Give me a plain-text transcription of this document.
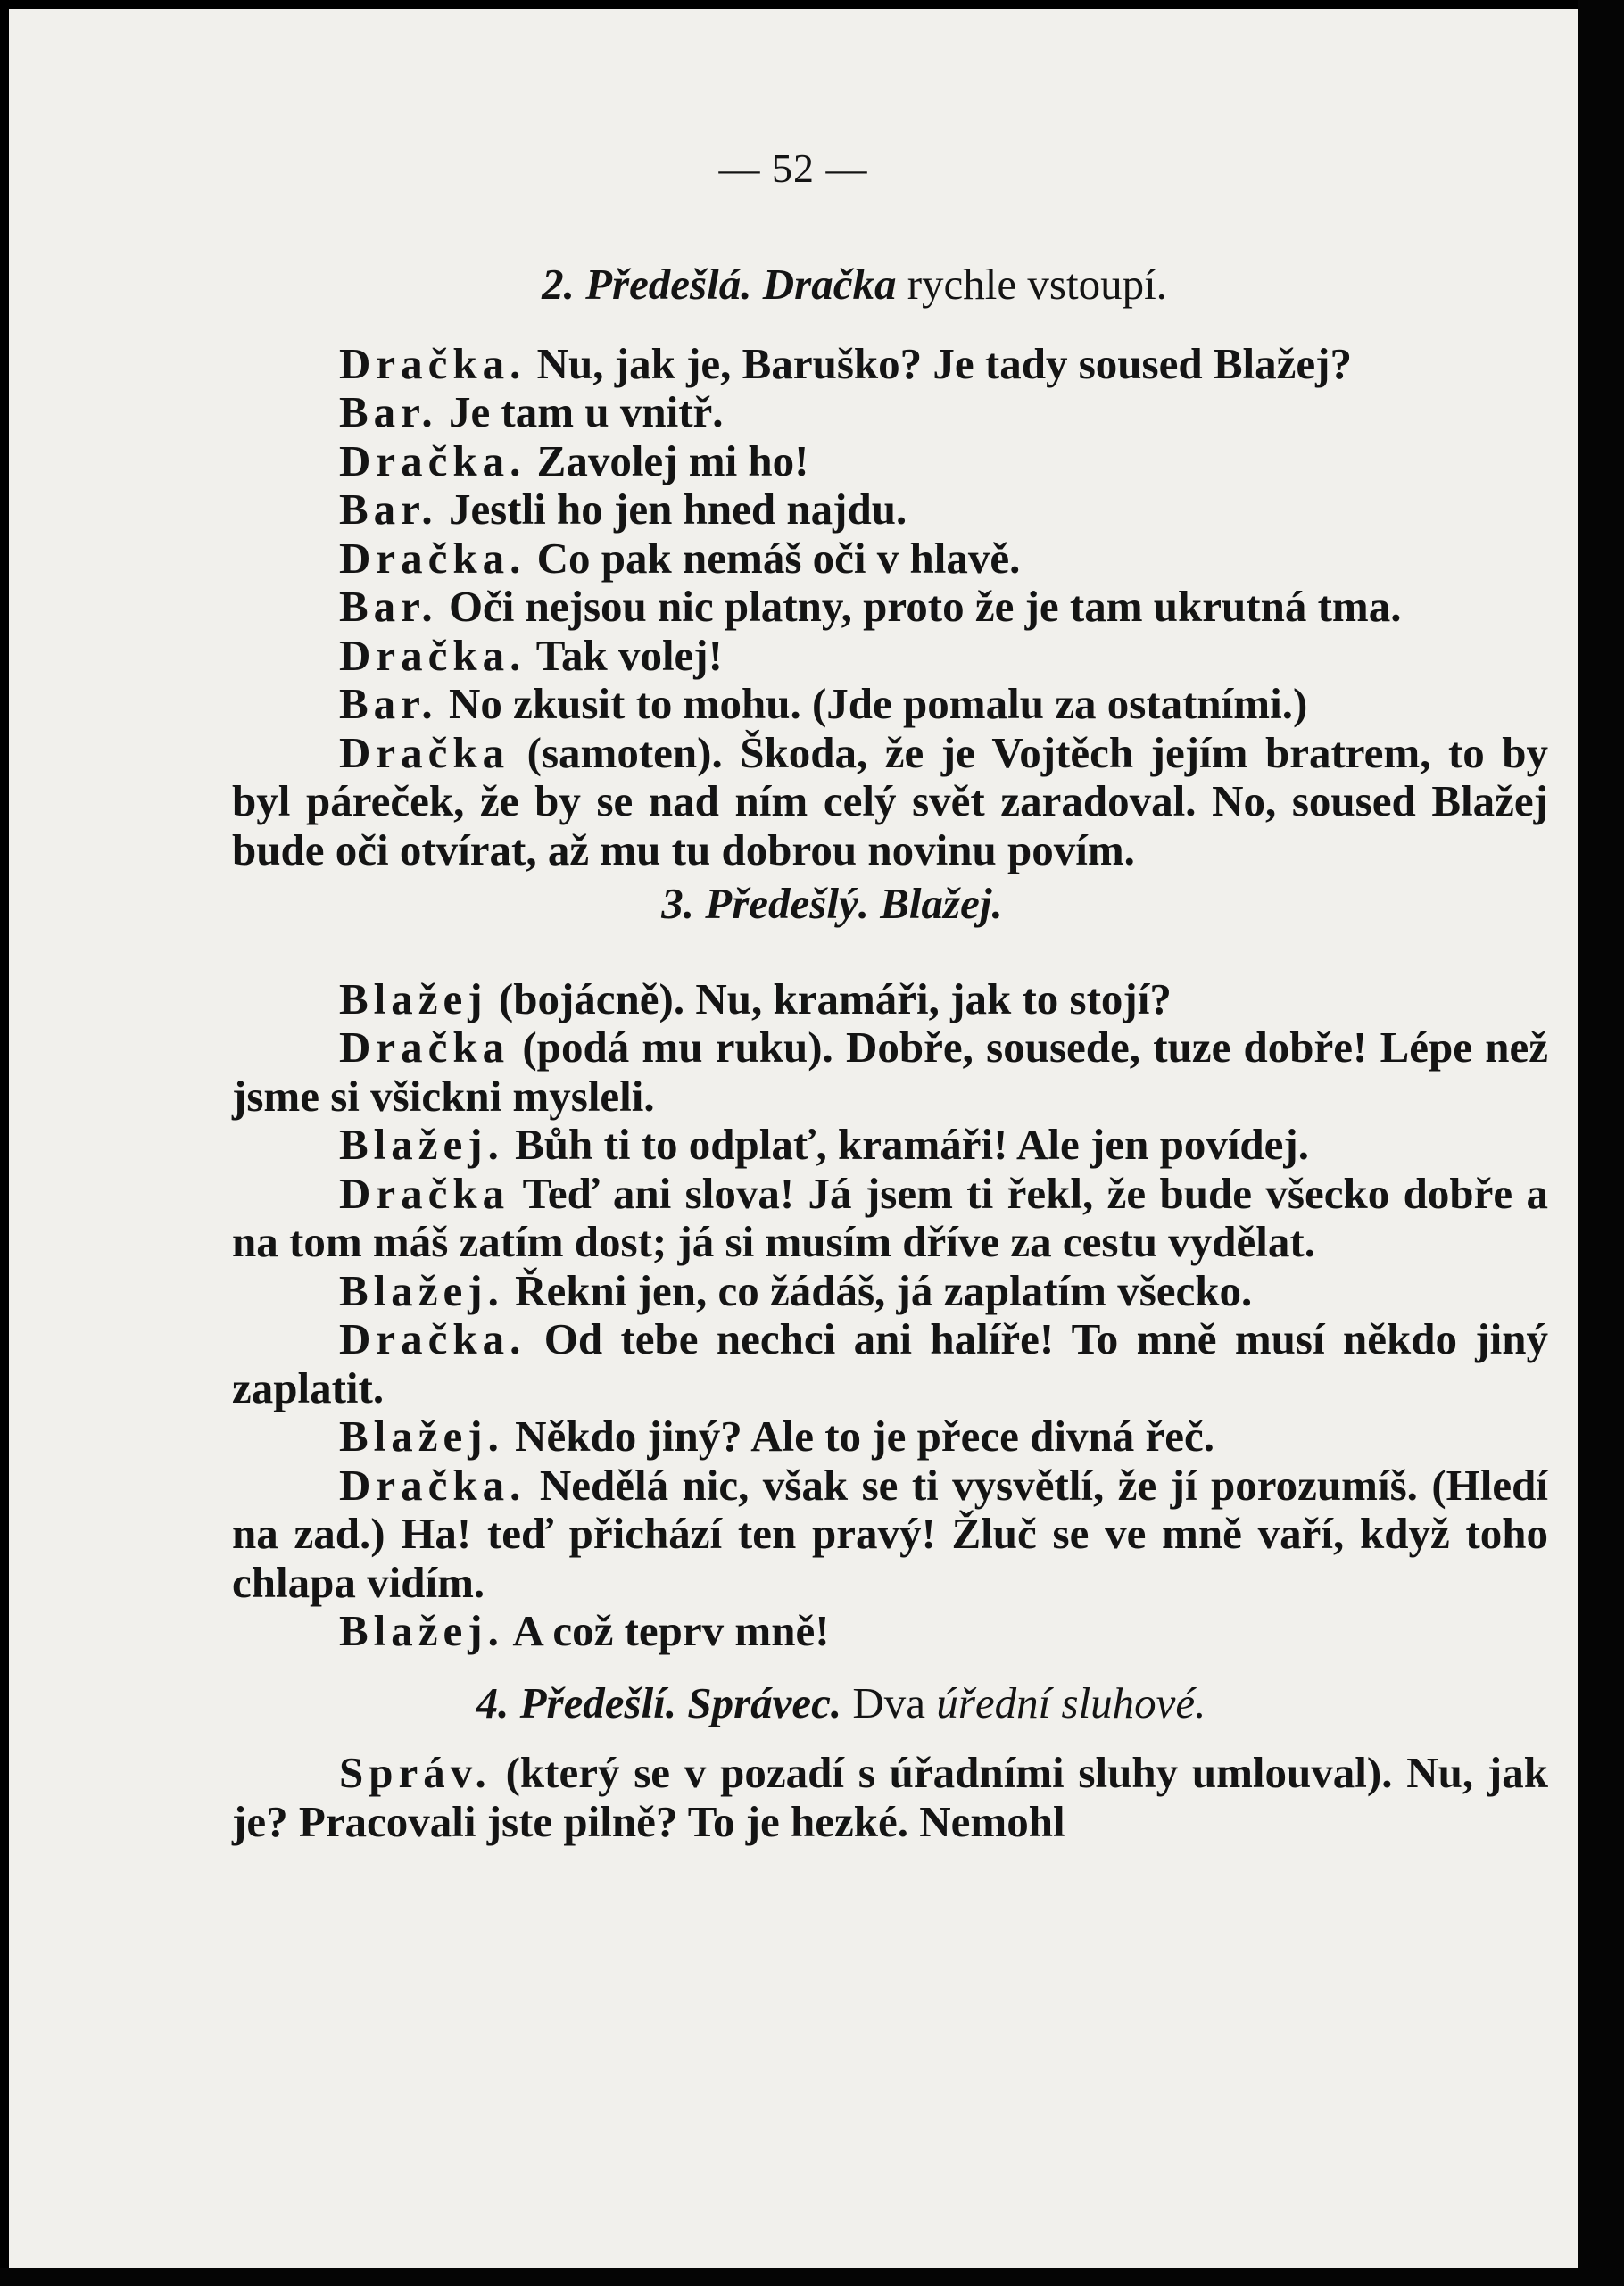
— 52 —

2. Předešlá. Dračka rychle vstoupí.

Dračka. Nu, jak je, Baruško? Je tady soused Blažej?

Bar. Je tam u vnitř.

Dračka. Zavolej mi ho!

Bar. Jestli ho jen hned najdu.

Dračka. Co pak nemáš oči v hlavě.

Bar. Oči nejsou nic platny, proto že je tam ukrutná tma.

Dračka. Tak volej!

Bar. No zkusit to mohu. (Jde pomalu za ostatními.)

Dračka (samoten). Škoda, že je Vojtěch jejím bratrem, to by byl páreček, že by se nad ním celý svět zaradoval. No, soused Blažej bude oči otvírat, až mu tu dobrou novinu povím.

3. Předešlý. Blažej.

Blažej (bojácně). Nu, kramáři, jak to stojí?

Dračka (podá mu ruku). Dobře, sousede, tuze dobře! Lépe než jsme si všickni mysleli.

Blažej. Bůh ti to odplať, kramáři! Ale jen povídej.

Dračka Teď ani slova! Já jsem ti řekl, že bude všecko dobře a na tom máš zatím dost; já si musím dříve za cestu vydělat.

Blažej. Řekni jen, co žádáš, já zaplatím všecko.

Dračka. Od tebe nechci ani halíře! To mně musí někdo jiný zaplatit.

Blažej. Někdo jiný? Ale to je přece divná řeč.

Dračka. Nedělá nic, však se ti vysvětlí, že jí porozumíš. (Hledí na zad.) Ha! teď přichází ten pravý! Žluč se ve mně vaří, když toho chlapa vidím.

Blažej. A což teprv mně!

4. Předešlí. Správec. Dva úřední sluhové.

Správ. (který se v pozadí s úřadními sluhy umlouval). Nu, jak je? Pracovali jste pilně? To je hezké. Nemohl
